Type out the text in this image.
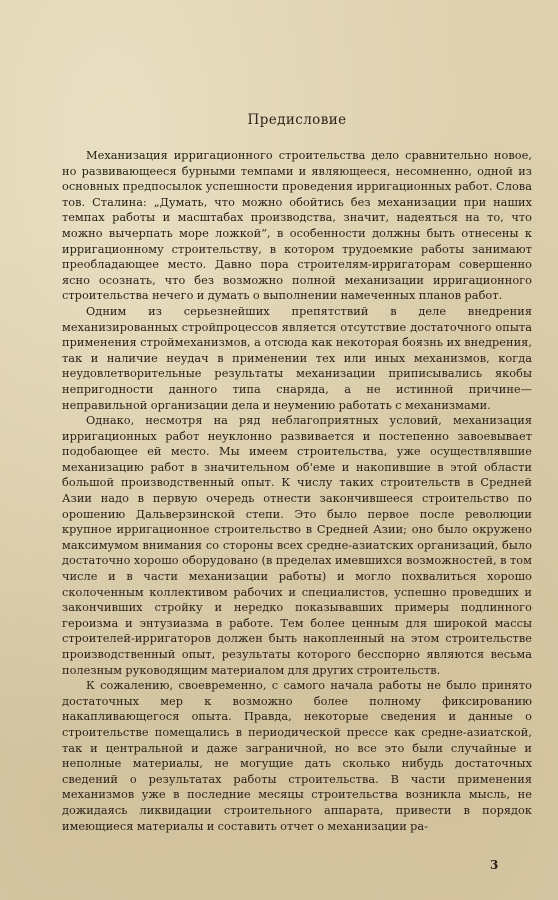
Предисловие

Механизация ирригационного строительства дело сравнительно новое, но развивающееся бурными темпами и являющееся, несомненно, одной из основных предпосылок успешности проведения ирригационных работ. Слова тов. Сталина: „Думать, что можно обойтись без механизации при наших темпах работы и масштабах производства, значит, надеяться на то, что можно вычерпать море ложкой“, в особенности должны быть отнесены к ирригационному строительству, в котором трудоемкие работы занимают преобладающее место. Давно пора строителям-ирригаторам совершенно ясно осознать, что без возможно полной механизации ирригационного строительства нечего и думать о выполнении намеченных планов работ.

Одним из серьезнейших препятствий в деле внедрения механизированных стройпроцессов является отсутствие достаточного опыта применения строймеханизмов, а отсюда как некоторая боязнь их внедрения, так и наличие неудач в применении тех или иных механизмов, когда неудовлетворительные результаты механизации приписывались якобы непригодности данного типа снаряда, а не истинной причине—неправильной организации дела и неумению работать с механизмами.

Однако, несмотря на ряд неблагоприятных условий, механизация ирригационных работ неуклонно развивается и постепенно завоевывает подобающее ей место. Мы имеем строительства, уже осуществлявшие механизацию работ в значительном об'еме и накопившие в этой области большой производственный опыт. К числу таких строительств в Средней Азии надо в первую очередь отнести закончившееся строительство по орошению Дальверзинской степи. Это было первое после революции крупное ирригационное строительство в Средней Азии; оно было окружено максимумом внимания со стороны всех средне-азиатских организаций, было достаточно хорошо оборудовано (в пределах имевшихся возможностей, в том числе и в части механизации работы) и могло похвалиться хорошо сколоченным коллективом рабочих и специалистов, успешно проведших и закончивших стройку и нередко показывавших примеры подлинного героизма и энтузиазма в работе. Тем более ценным для широкой массы строителей-ирригаторов должен быть накопленный на этом строительстве производственный опыт, результаты которого бесспорно являются весьма полезным руководящим материалом для других строительств.

К сожалению, своевременно, с самого начала работы не было принято достаточных мер к возможно более полному фиксированию накапливающегося опыта. Правда, некоторые сведения и данные о строительстве помещались в периодической прессе как средне-азиатской, так и центральной и даже заграничной, но все это были случайные и неполные материалы, не могущие дать сколько нибудь достаточных сведений о результатах работы строительства. В части применения механизмов уже в последние месяцы строительства возникла мысль, не дожидаясь ликвидации строительного аппарата, привести в порядок имеющиеся материалы и составить отчет о механизации ра-

3
